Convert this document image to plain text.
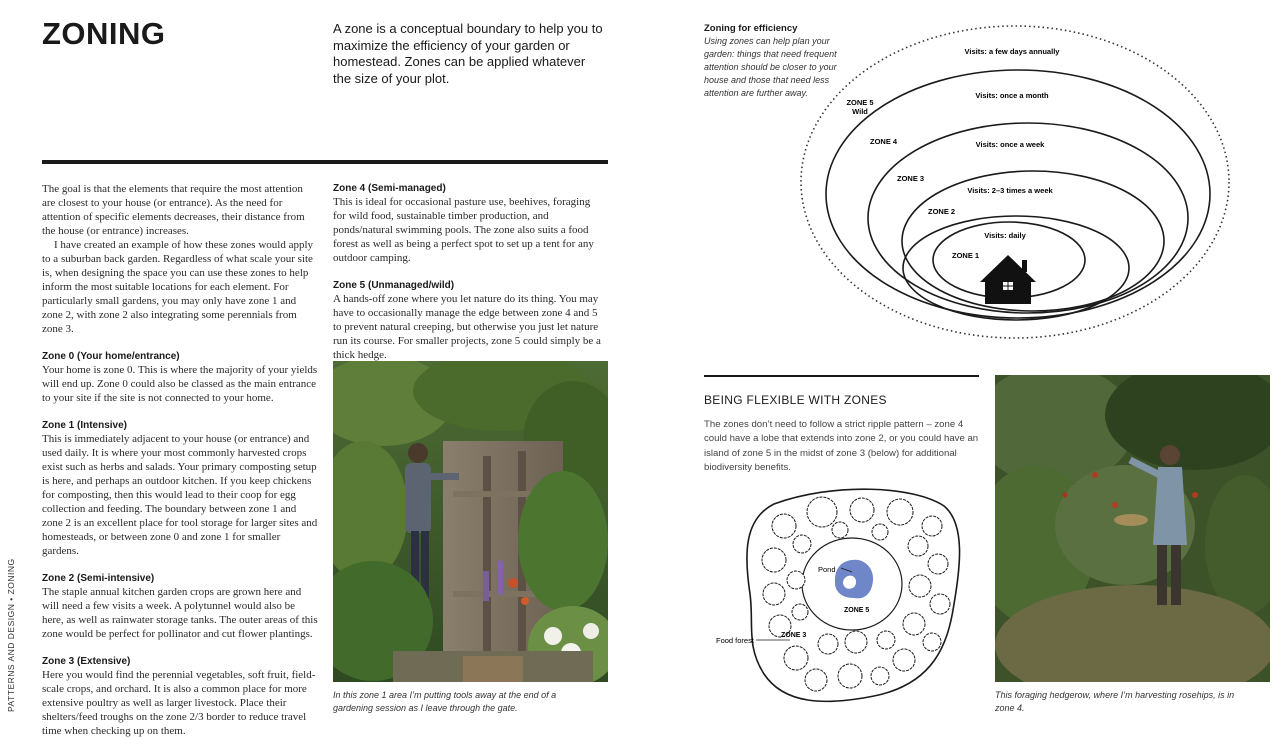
ZONING	A zone is a conceptual boundary to help you to maximize the efficiency of your garden or homestead. Zones can be applied whatever the size of your plot.

The goal is that the elements that require the most attention are closest to your house (or entrance). As the need for attention of specific elements decreases, their distance from the house (or entrance) increases.

I have created an example of how these zones would apply to a suburban back garden. Regardless of what scale your site is, when designing the space you can use these zones to help inform the most suitable locations for each element. For particularly small gardens, you may only have zone 1 and zone 2, with zone 2 also integrating some perennials from zone 3.

Zone 0 (Your home/entrance)

Your home is zone 0. This is where the majority of your yields will end up. Zone 0 could also be classed as the main entrance to your site if the site is not connected to your home.

Zone 1 (Intensive)

This is immediately adjacent to your house (or entrance) and used daily. It is where your most commonly harvested crops exist such as herbs and salads. Your primary composting setup is here, and perhaps an outdoor kitchen. If you keep chickens for composting, then this would lead to their coop for egg collection and feeding. The boundary between zone 1 and zone 2 is an excellent place for tool storage for larger sites and homesteads, or between zone 0 and zone 1 for smaller gardens.

Zone 2 (Semi-intensive)

The staple annual kitchen garden crops are grown here and will need a few visits a week. A polytunnel would also be here, as well as rainwater storage tanks. The outer areas of this zone would be perfect for pollinator and cut flower plantings.

Zone 3 (Extensive)

Here you would find the perennial vegetables, soft fruit, field-scale crops, and orchard. It is also a common place for more extensive poultry as well as larger livestock. Place their shelters/feed troughs on the zone 2/3 border to reduce travel time when checking up on them.

Zone 4 (Semi-managed)

This is ideal for occasional pasture use, beehives, foraging for wild food, sustainable timber production, and ponds/natural swimming pools. The zone also suits a food forest as well as being a perfect spot to set up a tent for any outdoor camping.

Zone 5 (Unmanaged/wild)

A hands-off zone where you let nature do its thing. You may have to occasionally manage the edge between zone 4 and 5 to prevent natural creeping, but otherwise you just let nature run its course. For smaller projects, zone 5 could simply be a thick hedge.

PATTERNS AND DESIGN • ZONING	In this zone 1 area I’m putting tools away at the end of a gardening session as I leave through the gate.
Zoning for efficiency

Using zones can help plan your garden: things that need frequent attention should be closer to your house and those that need less attention are further away.

ZONE 5
Wild
ZONE 4
ZONE 3
ZONE 2
ZONE 1
Visits: a few days annually
Visits: once a month
Visits: once a week
Visits: 2–3 times a week
Visits: daily
BEING FLEXIBLE WITH ZONES
The zones don’t need to follow a strict ripple pattern – zone 4 could have a lobe that extends into zone 2, or you could have an island of zone 5 in the midst of zone 3 (below) for additional biodiversity benefits.
Pond
ZONE 5
ZONE 3
Food forest
This foraging hedgerow, where I’m harvesting rosehips, is in zone 4.
